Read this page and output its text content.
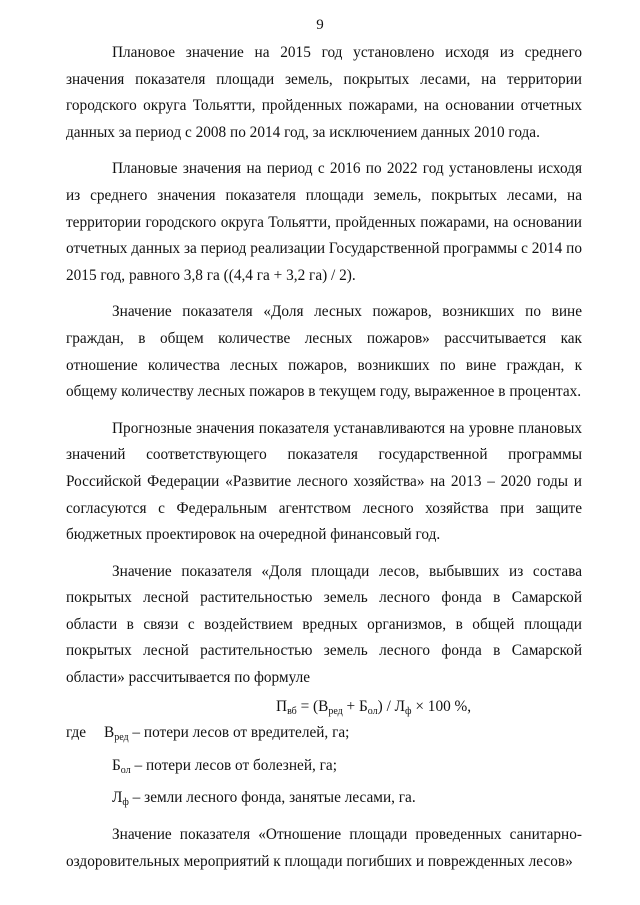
9

Плановое значение на 2015 год установлено исходя из среднего значения показателя площади земель, покрытых лесами, на территории городского округа Тольятти, пройденных пожарами, на основании отчетных данных за период с 2008 по 2014 год, за исключением данных 2010 года.

Плановые значения на период с 2016 по 2022 год установлены исходя из среднего значения показателя площади земель, покрытых лесами, на территории городского округа Тольятти, пройденных пожарами, на основании отчетных данных за период реализации Государственной программы с 2014 по 2015 год, равного 3,8 га ((4,4 га + 3,2 га) / 2).

Значение показателя «Доля лесных пожаров, возникших по вине граждан, в общем количестве лесных пожаров» рассчитывается как отношение количества лесных пожаров, возникших по вине граждан, к общему количеству лесных пожаров в текущем году, выраженное в процентах.

Прогнозные значения показателя устанавливаются на уровне плановых значений соответствующего показателя государственной программы Российской Федерации «Развитие лесного хозяйства» на 2013 – 2020 годы и согласуются с Федеральным агентством лесного хозяйства при защите бюджетных проектировок на очередной финансовый год.

Значение показателя «Доля площади лесов, выбывших из состава покрытых лесной растительностью земель лесного фонда в Самарской области в связи с воздействием вредных организмов, в общей площади покрытых лесной растительностью земель лесного фонда в Самарской области» рассчитывается по формуле

$П_{вб} = (В_{ред} + Б_{ол}) / Л_ф \times 100$ %,
где $В_{ред}$ – потери лесов от вредителей, га;
$Б_{ол}$ – потери лесов от болезней, га;
$Л_ф$ – земли лесного фонда, занятые лесами, га.

Значение показателя «Отношение площади проведенных санитарно-оздоровительных мероприятий к площади погибших и поврежденных лесов»
